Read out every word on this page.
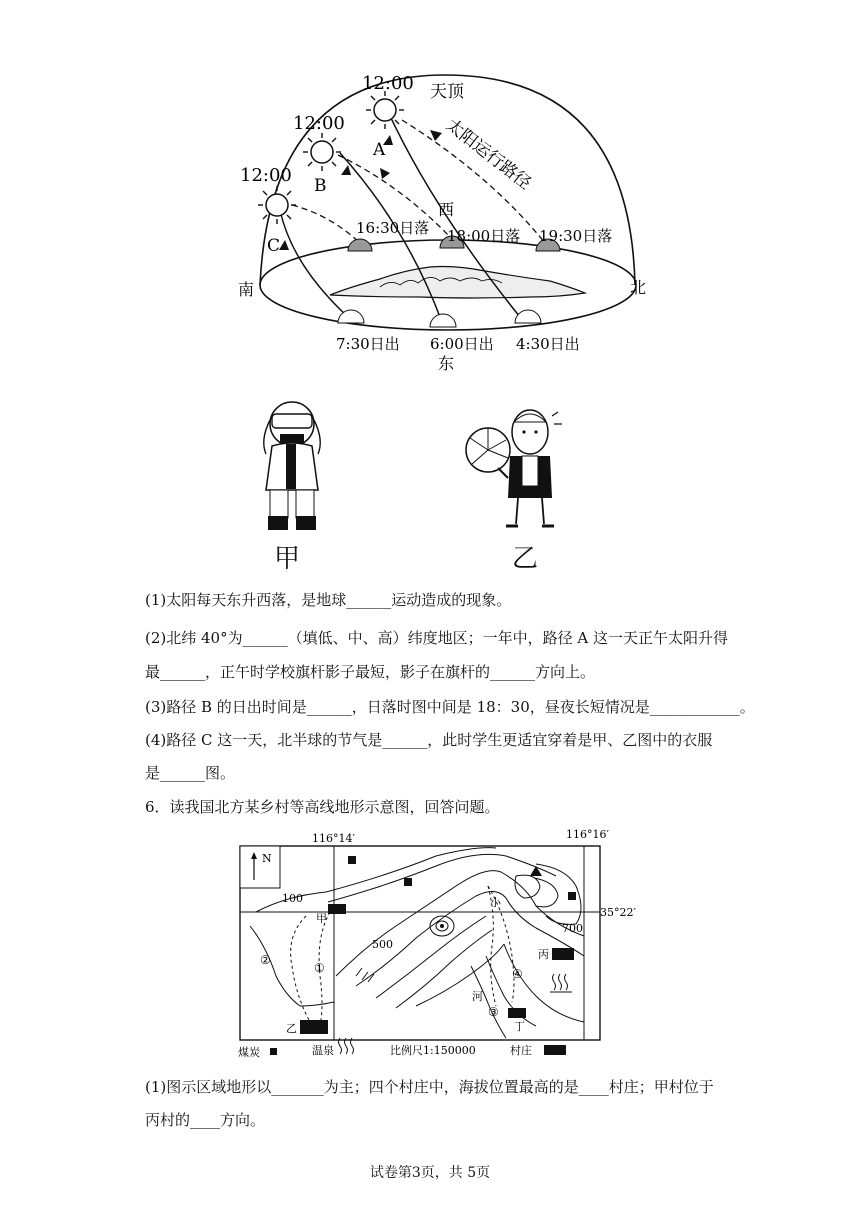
12:00
12:00
12:00
天顶
A
B
C
太阳运行路径
西
16:30日落 18:00日落 19:30日落
南	北
7:30日出 6:00日出 4:30日出
东
甲	乙
(1)太阳每天东升西落，是地球______运动造成的现象。
(2)北纬 40°为______（填低、中、高）纬度地区；一年中，路径 A 这一天正午太阳升得
最______，正午时学校旗杆影子最短，影子在旗杆的______方向上。
(3)路径 B 的日出时间是______，日落时图中间是 18：30，昼夜长短情况是____________。
(4)路径 C 这一天，北半球的节气是______，此时学生更适宜穿着是甲、乙图中的衣服
是______图。
6．读我国北方某乡村等高线地形示意图，回答问题。
116°14′	116°16′
35°22′
N
甲
乙
丙
丁
100
500
700
小
河
①
②
③
④
煤炭	温泉	比例尺1:150000	村庄
(1)图示区域地形以_______为主；四个村庄中，海拔位置最高的是____村庄；甲村位于
丙村的____方向。
试卷第3页，共 5页
